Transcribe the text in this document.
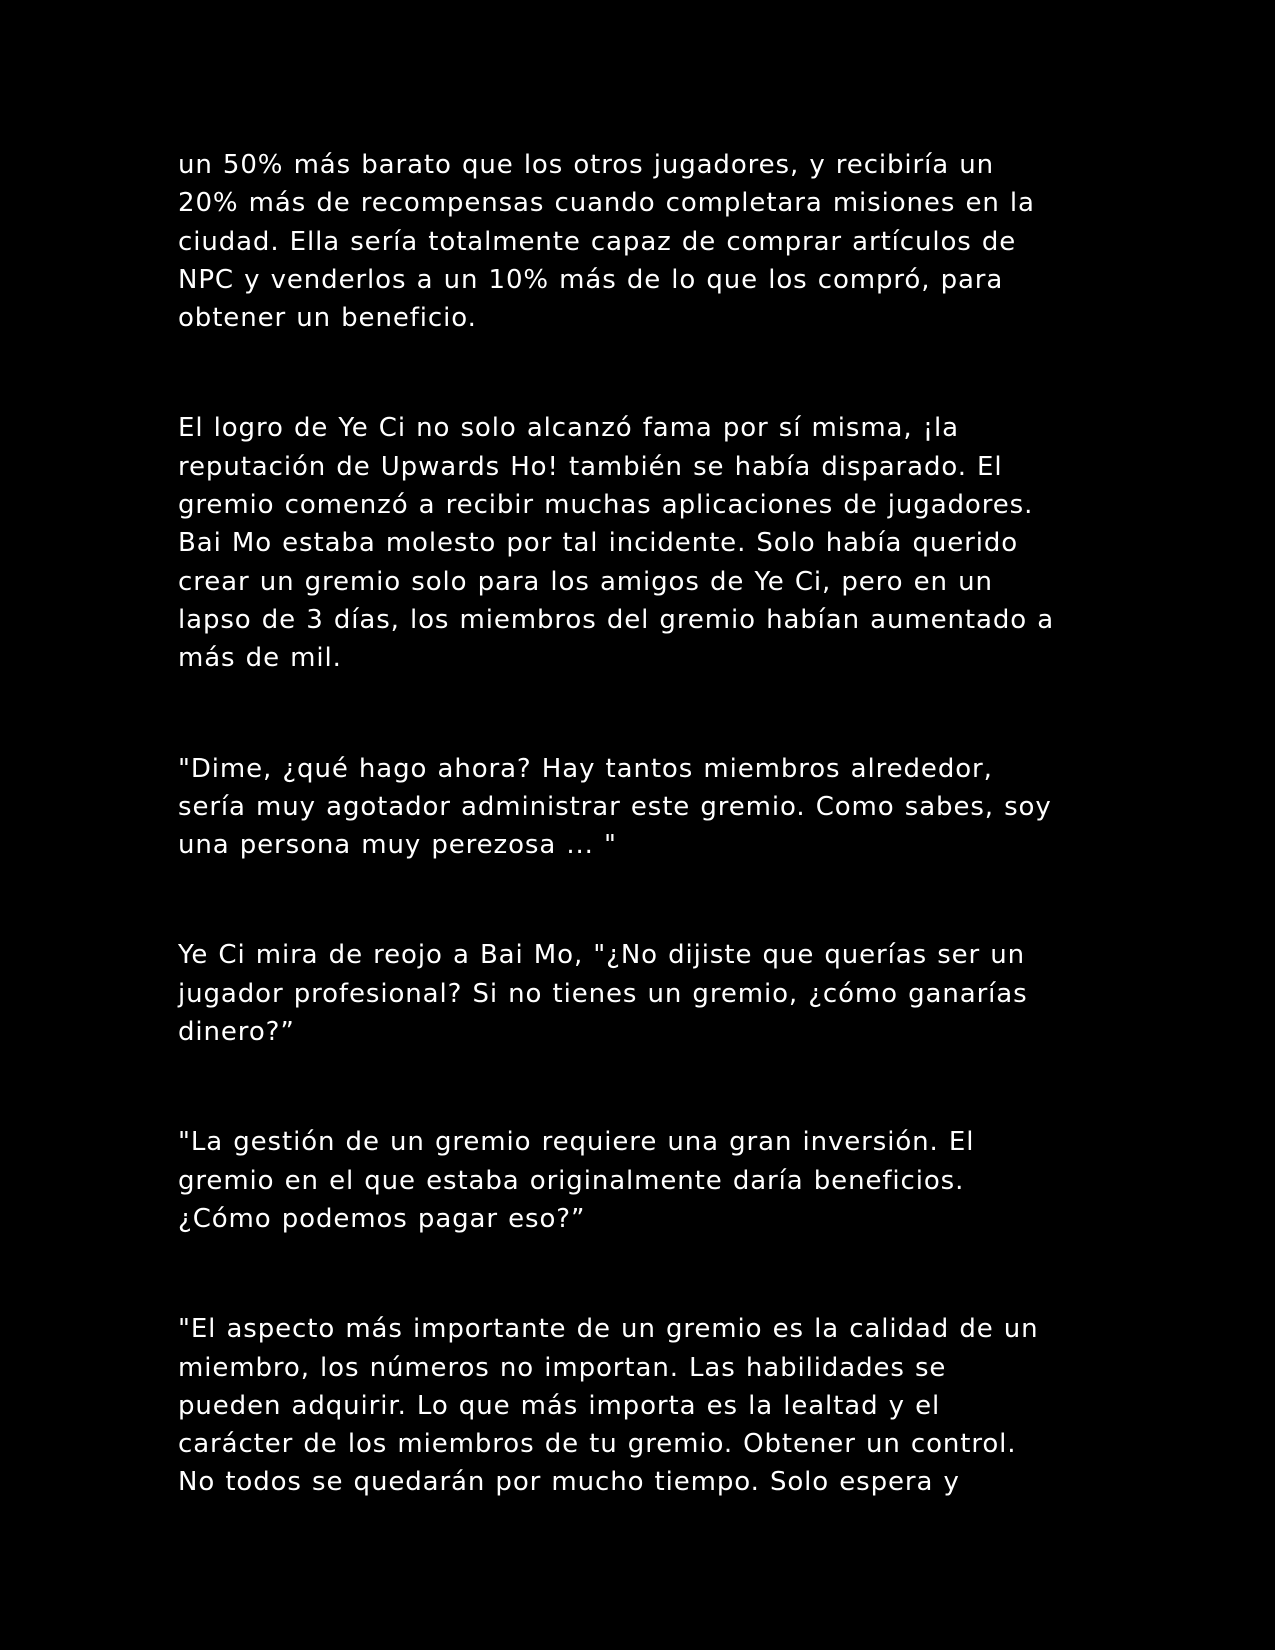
un 50% más barato que los otros jugadores, y recibiría un
20% más de recompensas cuando completara misiones en la
ciudad. Ella sería totalmente capaz de comprar artículos de
NPC y venderlos a un 10% más de lo que los compró, para
obtener un beneficio.

El logro de Ye Ci no solo alcanzó fama por sí misma, ¡la
reputación de Upwards Ho! también se había disparado. El
gremio comenzó a recibir muchas aplicaciones de jugadores.
Bai Mo estaba molesto por tal incidente. Solo había querido
crear un gremio solo para los amigos de Ye Ci, pero en un
lapso de 3 días, los miembros del gremio habían aumentado a
más de mil.

"Dime, ¿qué hago ahora? Hay tantos miembros alrededor,
sería muy agotador administrar este gremio. Como sabes, soy
una persona muy perezosa ... "

Ye Ci mira de reojo a Bai Mo, "¿No dijiste que querías ser un
jugador profesional? Si no tienes un gremio, ¿cómo ganarías
dinero?”

"La gestión de un gremio requiere una gran inversión. El
gremio en el que estaba originalmente daría beneficios.
¿Cómo podemos pagar eso?”

"El aspecto más importante de un gremio es la calidad de un
miembro, los números no importan. Las habilidades se
pueden adquirir. Lo que más importa es la lealtad y el
carácter de los miembros de tu gremio. Obtener un control.
No todos se quedarán por mucho tiempo. Solo espera y
